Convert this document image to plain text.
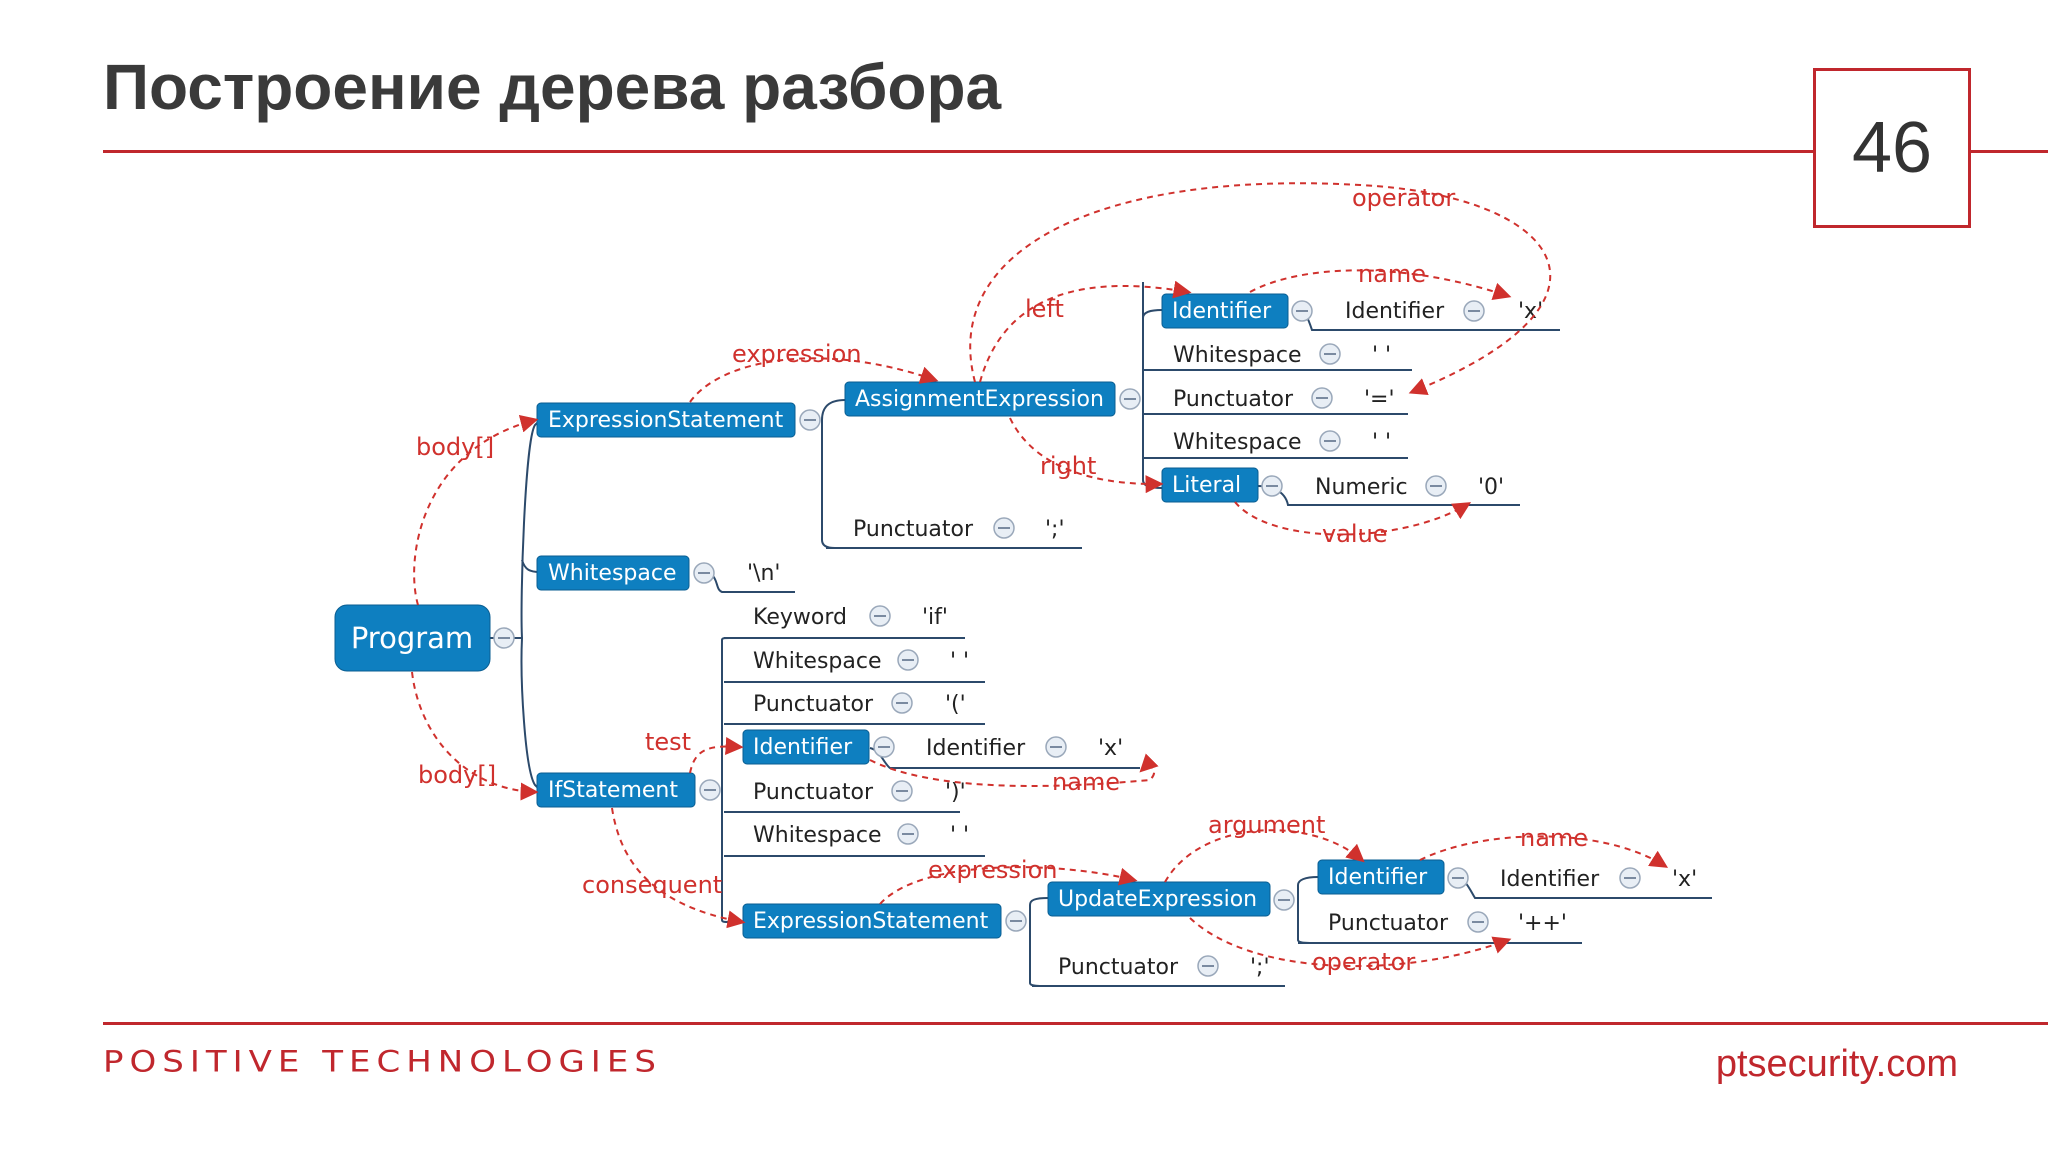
Построение дерева разбора
46
Program
ExpressionStatement
AssignmentExpression
Identifier
Literal
Whitespace
IfStatement
Identifier
ExpressionStatement
UpdateExpression
Identifier
Identifier	'x'
Whitespace	' '
Punctuator	'='
Whitespace	' '
Numeric	'0'
Punctuator	';'
'\n'
Keyword	'if'
Whitespace	' '
Punctuator	'('
Identifier	'x'
Punctuator	')'
Whitespace	' '
Identifier	'x'
Punctuator	'++'
Punctuator	';'
body[]
body[]
expression
left
operator
name
right
value
test
name
consequent
expression
argument	name
operator
POSITIVE TECHNOLOGIES	ptsecurity.com
